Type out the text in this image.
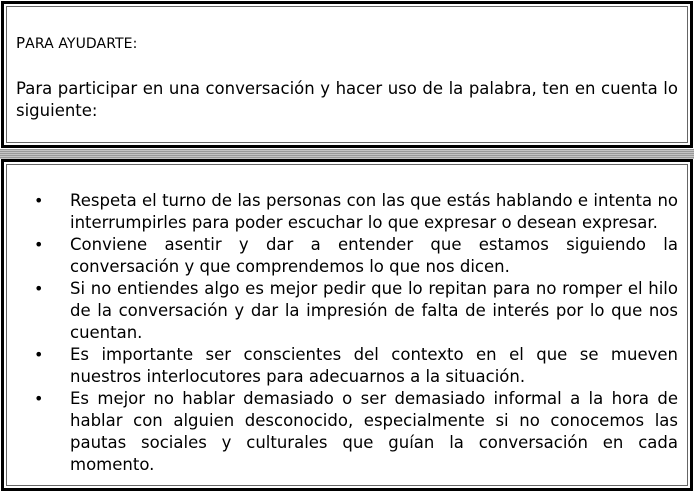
PARA AYUDARTE:
Para participar en una conversación y hacer uso de la palabra, ten en cuenta lo siguiente:
• Respeta el turno de las personas con las que estás hablando e intenta no interrumpirles para poder escuchar lo que expresar o desean expresar.
• Conviene asentir y dar a entender que estamos siguiendo la conversación y que comprendemos lo que nos dicen.
• Si no entiendes algo es mejor pedir que lo repitan para no romper el hilo de la conversación y dar la impresión de falta de interés por lo que nos cuentan.
• Es importante ser conscientes del contexto en el que se mueven nuestros interlocutores para adecuarnos a la situación.
• Es mejor no hablar demasiado o ser demasiado informal a la hora de hablar con alguien desconocido, especialmente si no conocemos las pautas sociales y culturales que guían la conversación en cada momento.
